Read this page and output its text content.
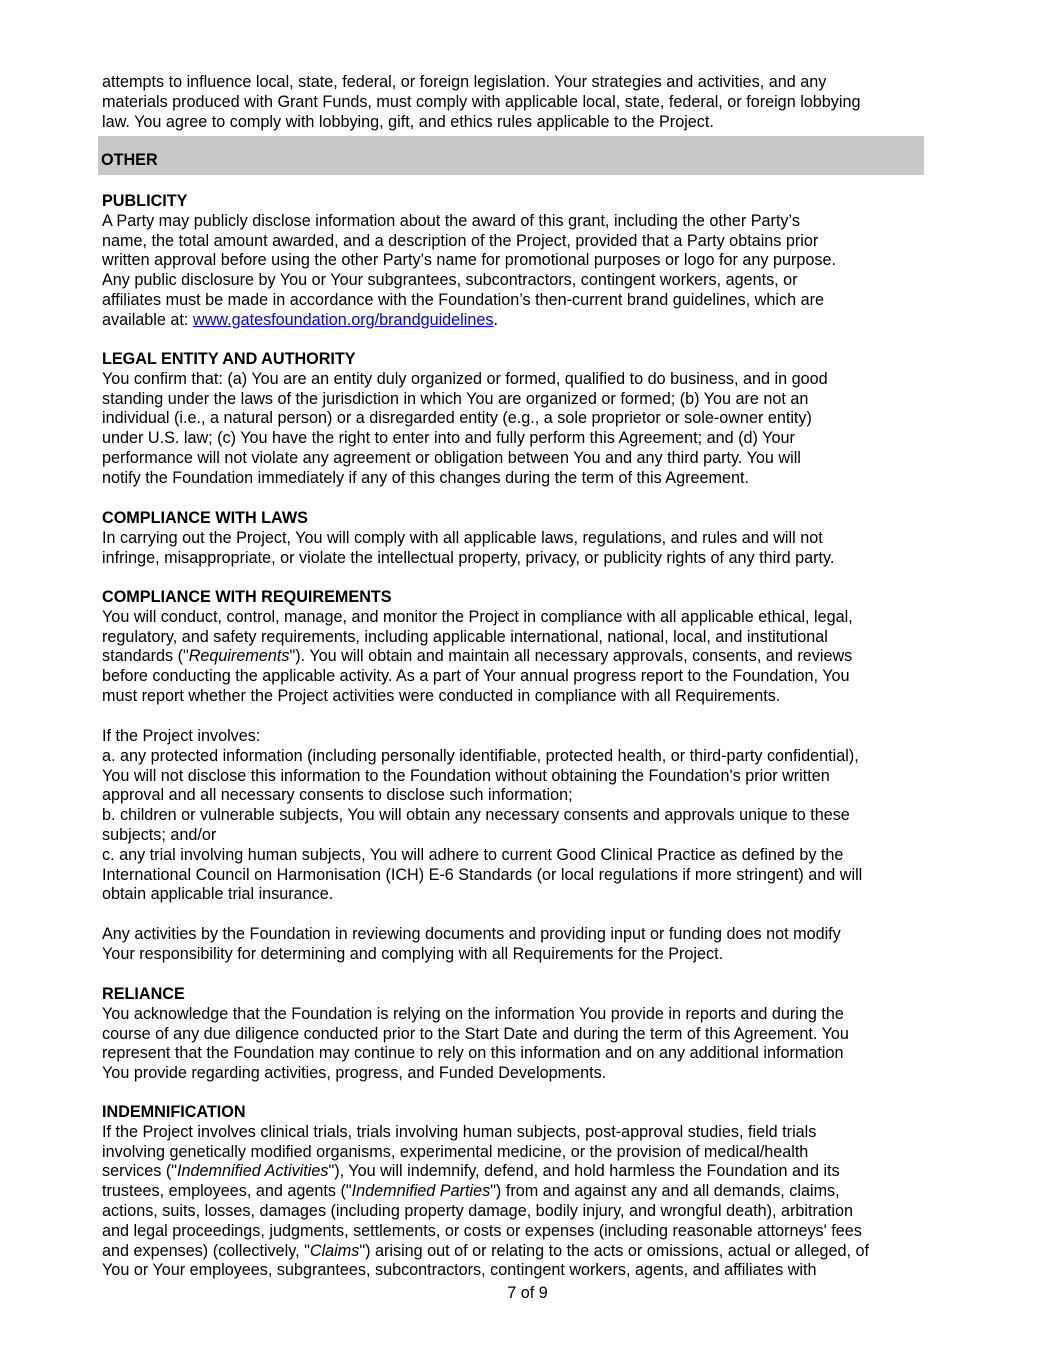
attempts to influence local, state, federal, or foreign legislation. Your strategies and activities, and any
materials produced with Grant Funds, must comply with applicable local, state, federal, or foreign lobbying
law. You agree to comply with lobbying, gift, and ethics rules applicable to the Project.
OTHER
PUBLICITY
A Party may publicly disclose information about the award of this grant, including the other Party’s
name, the total amount awarded, and a description of the Project, provided that a Party obtains prior
written approval before using the other Party’s name for promotional purposes or logo for any purpose.
Any public disclosure by You or Your subgrantees, subcontractors, contingent workers, agents, or
affiliates must be made in accordance with the Foundation’s then-current brand guidelines, which are
available at: www.gatesfoundation.org/brandguidelines.
LEGAL ENTITY AND AUTHORITY
You confirm that: (a) You are an entity duly organized or formed, qualified to do business, and in good
standing under the laws of the jurisdiction in which You are organized or formed; (b) You are not an
individual (i.e., a natural person) or a disregarded entity (e.g., a sole proprietor or sole-owner entity)
under U.S. law; (c) You have the right to enter into and fully perform this Agreement; and (d) Your
performance will not violate any agreement or obligation between You and any third party. You will
notify the Foundation immediately if any of this changes during the term of this Agreement.
COMPLIANCE WITH LAWS
In carrying out the Project, You will comply with all applicable laws, regulations, and rules and will not
infringe, misappropriate, or violate the intellectual property, privacy, or publicity rights of any third party.
COMPLIANCE WITH REQUIREMENTS
You will conduct, control, manage, and monitor the Project in compliance with all applicable ethical, legal,
regulatory, and safety requirements, including applicable international, national, local, and institutional
standards ("Requirements"). You will obtain and maintain all necessary approvals, consents, and reviews
before conducting the applicable activity. As a part of Your annual progress report to the Foundation, You
must report whether the Project activities were conducted in compliance with all Requirements.
If the Project involves:
a. any protected information (including personally identifiable, protected health, or third-party confidential),
You will not disclose this information to the Foundation without obtaining the Foundation's prior written
approval and all necessary consents to disclose such information;
b. children or vulnerable subjects, You will obtain any necessary consents and approvals unique to these
subjects; and/or
c. any trial involving human subjects, You will adhere to current Good Clinical Practice as defined by the
International Council on Harmonisation (ICH) E-6 Standards (or local regulations if more stringent) and will
obtain applicable trial insurance.
Any activities by the Foundation in reviewing documents and providing input or funding does not modify
Your responsibility for determining and complying with all Requirements for the Project.
RELIANCE
You acknowledge that the Foundation is relying on the information You provide in reports and during the
course of any due diligence conducted prior to the Start Date and during the term of this Agreement. You
represent that the Foundation may continue to rely on this information and on any additional information
You provide regarding activities, progress, and Funded Developments.
INDEMNIFICATION
If the Project involves clinical trials, trials involving human subjects, post-approval studies, field trials
involving genetically modified organisms, experimental medicine, or the provision of medical/health
services ("Indemnified Activities"), You will indemnify, defend, and hold harmless the Foundation and its
trustees, employees, and agents ("Indemnified Parties") from and against any and all demands, claims,
actions, suits, losses, damages (including property damage, bodily injury, and wrongful death), arbitration
and legal proceedings, judgments, settlements, or costs or expenses (including reasonable attorneys' fees
and expenses) (collectively, "Claims") arising out of or relating to the acts or omissions, actual or alleged, of
You or Your employees, subgrantees, subcontractors, contingent workers, agents, and affiliates with
7 of 9
